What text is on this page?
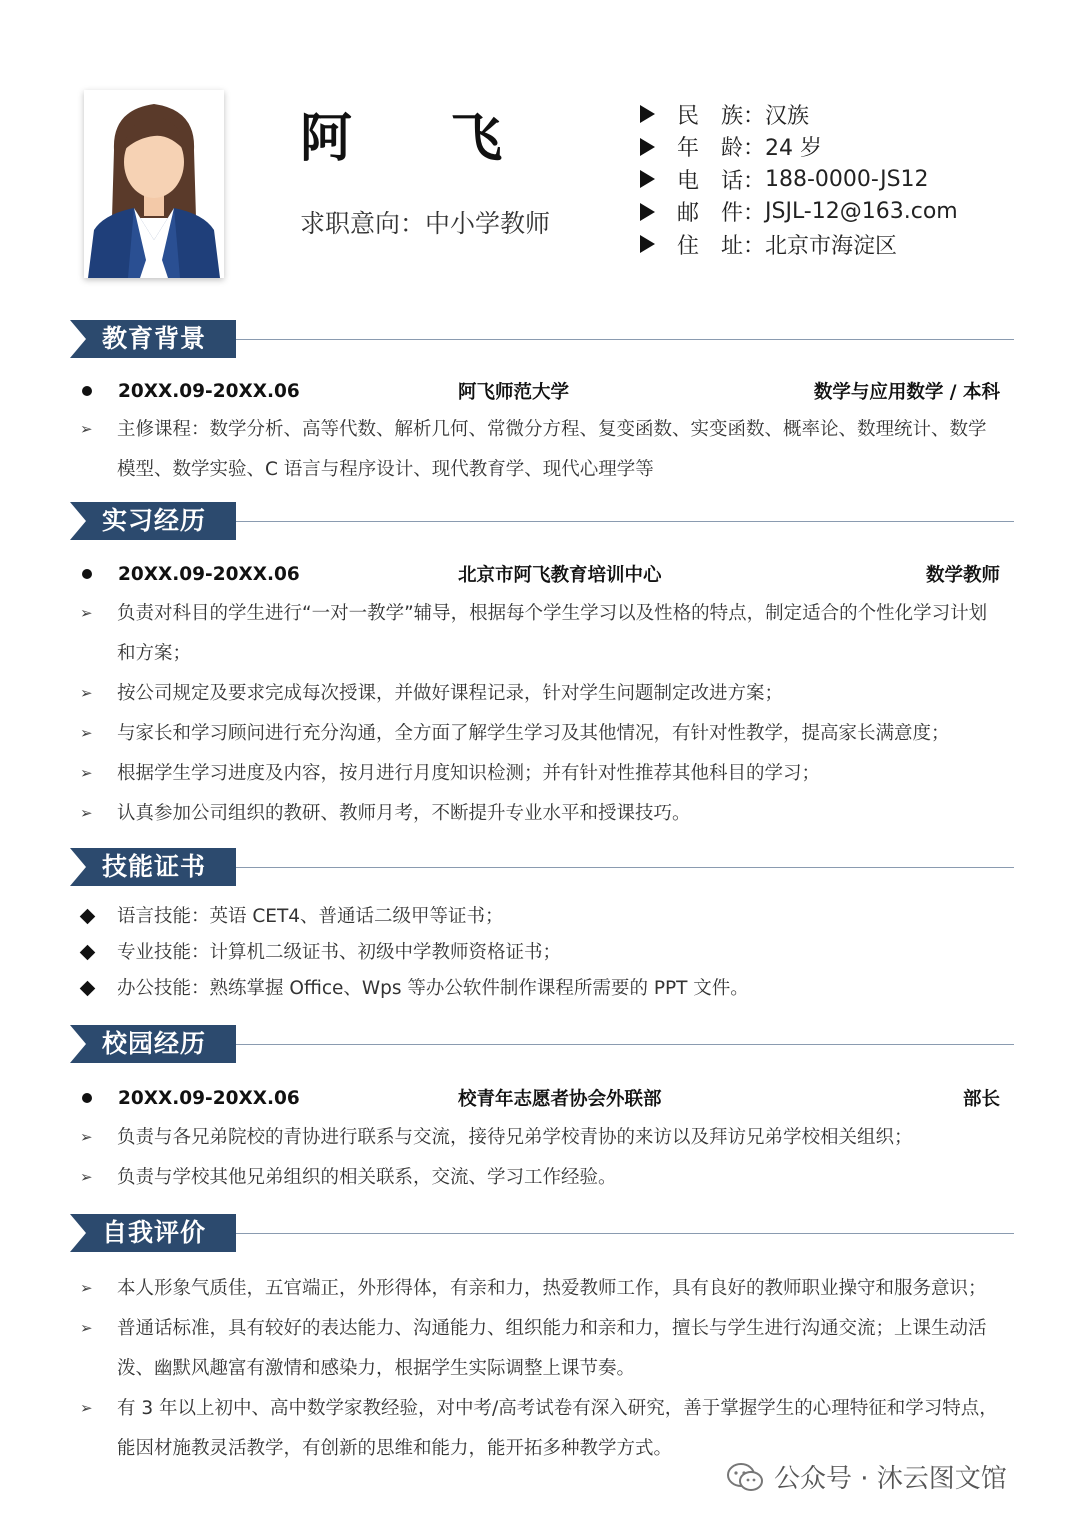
阿 飞
求职意向：中小学教师
民 族： 汉族
年 龄： 24 岁
电 话： 188-0000-JS12
邮 件： JSJL-12@163.com
住 址： 北京市海淀区
教育背景
20XX.09-20XX.06	阿飞师范大学	数学与应用数学 / 本科
➢ 主修课程：数学分析、高等代数、解析几何、常微分方程、复变函数、实变函数、概率论、数理统计、数学模型、数学实验、C 语言与程序设计、现代教育学、现代心理学等
实习经历
20XX.09-20XX.06	北京市阿飞教育培训中心	数学教师
➢ 负责对科目的学生进行“一对一教学”辅导，根据每个学生学习以及性格的特点，制定适合的个性化学习计划和方案；
➢ 按公司规定及要求完成每次授课，并做好课程记录，针对学生问题制定改进方案；
➢ 与家长和学习顾问进行充分沟通，全方面了解学生学习及其他情况，有针对性教学，提高家长满意度；
➢ 根据学生学习进度及内容，按月进行月度知识检测；并有针对性推荐其他科目的学习；
➢ 认真参加公司组织的教研、教师月考，不断提升专业水平和授课技巧。
技能证书
语言技能：英语 CET4、普通话二级甲等证书；
专业技能：计算机二级证书、初级中学教师资格证书；
办公技能：熟练掌握 Office、Wps 等办公软件制作课程所需要的 PPT 文件。
校园经历
20XX.09-20XX.06	校青年志愿者协会外联部	部长
➢ 负责与各兄弟院校的青协进行联系与交流，接待兄弟学校青协的来访以及拜访兄弟学校相关组织；
➢ 负责与学校其他兄弟组织的相关联系，交流、学习工作经验。
自我评价
➢ 本人形象气质佳，五官端正，外形得体，有亲和力，热爱教师工作，具有良好的教师职业操守和服务意识；
➢ 普通话标准，具有较好的表达能力、沟通能力、组织能力和亲和力，擅长与学生进行沟通交流；上课生动活泼、幽默风趣富有激情和感染力，根据学生实际调整上课节奏。
➢ 有 3 年以上初中、高中数学家教经验，对中考/高考试卷有深入研究，善于掌握学生的心理特征和学习特点，能因材施教灵活教学，有创新的思维和能力，能开拓多种教学方式。
公众号 · 沐云图文馆
